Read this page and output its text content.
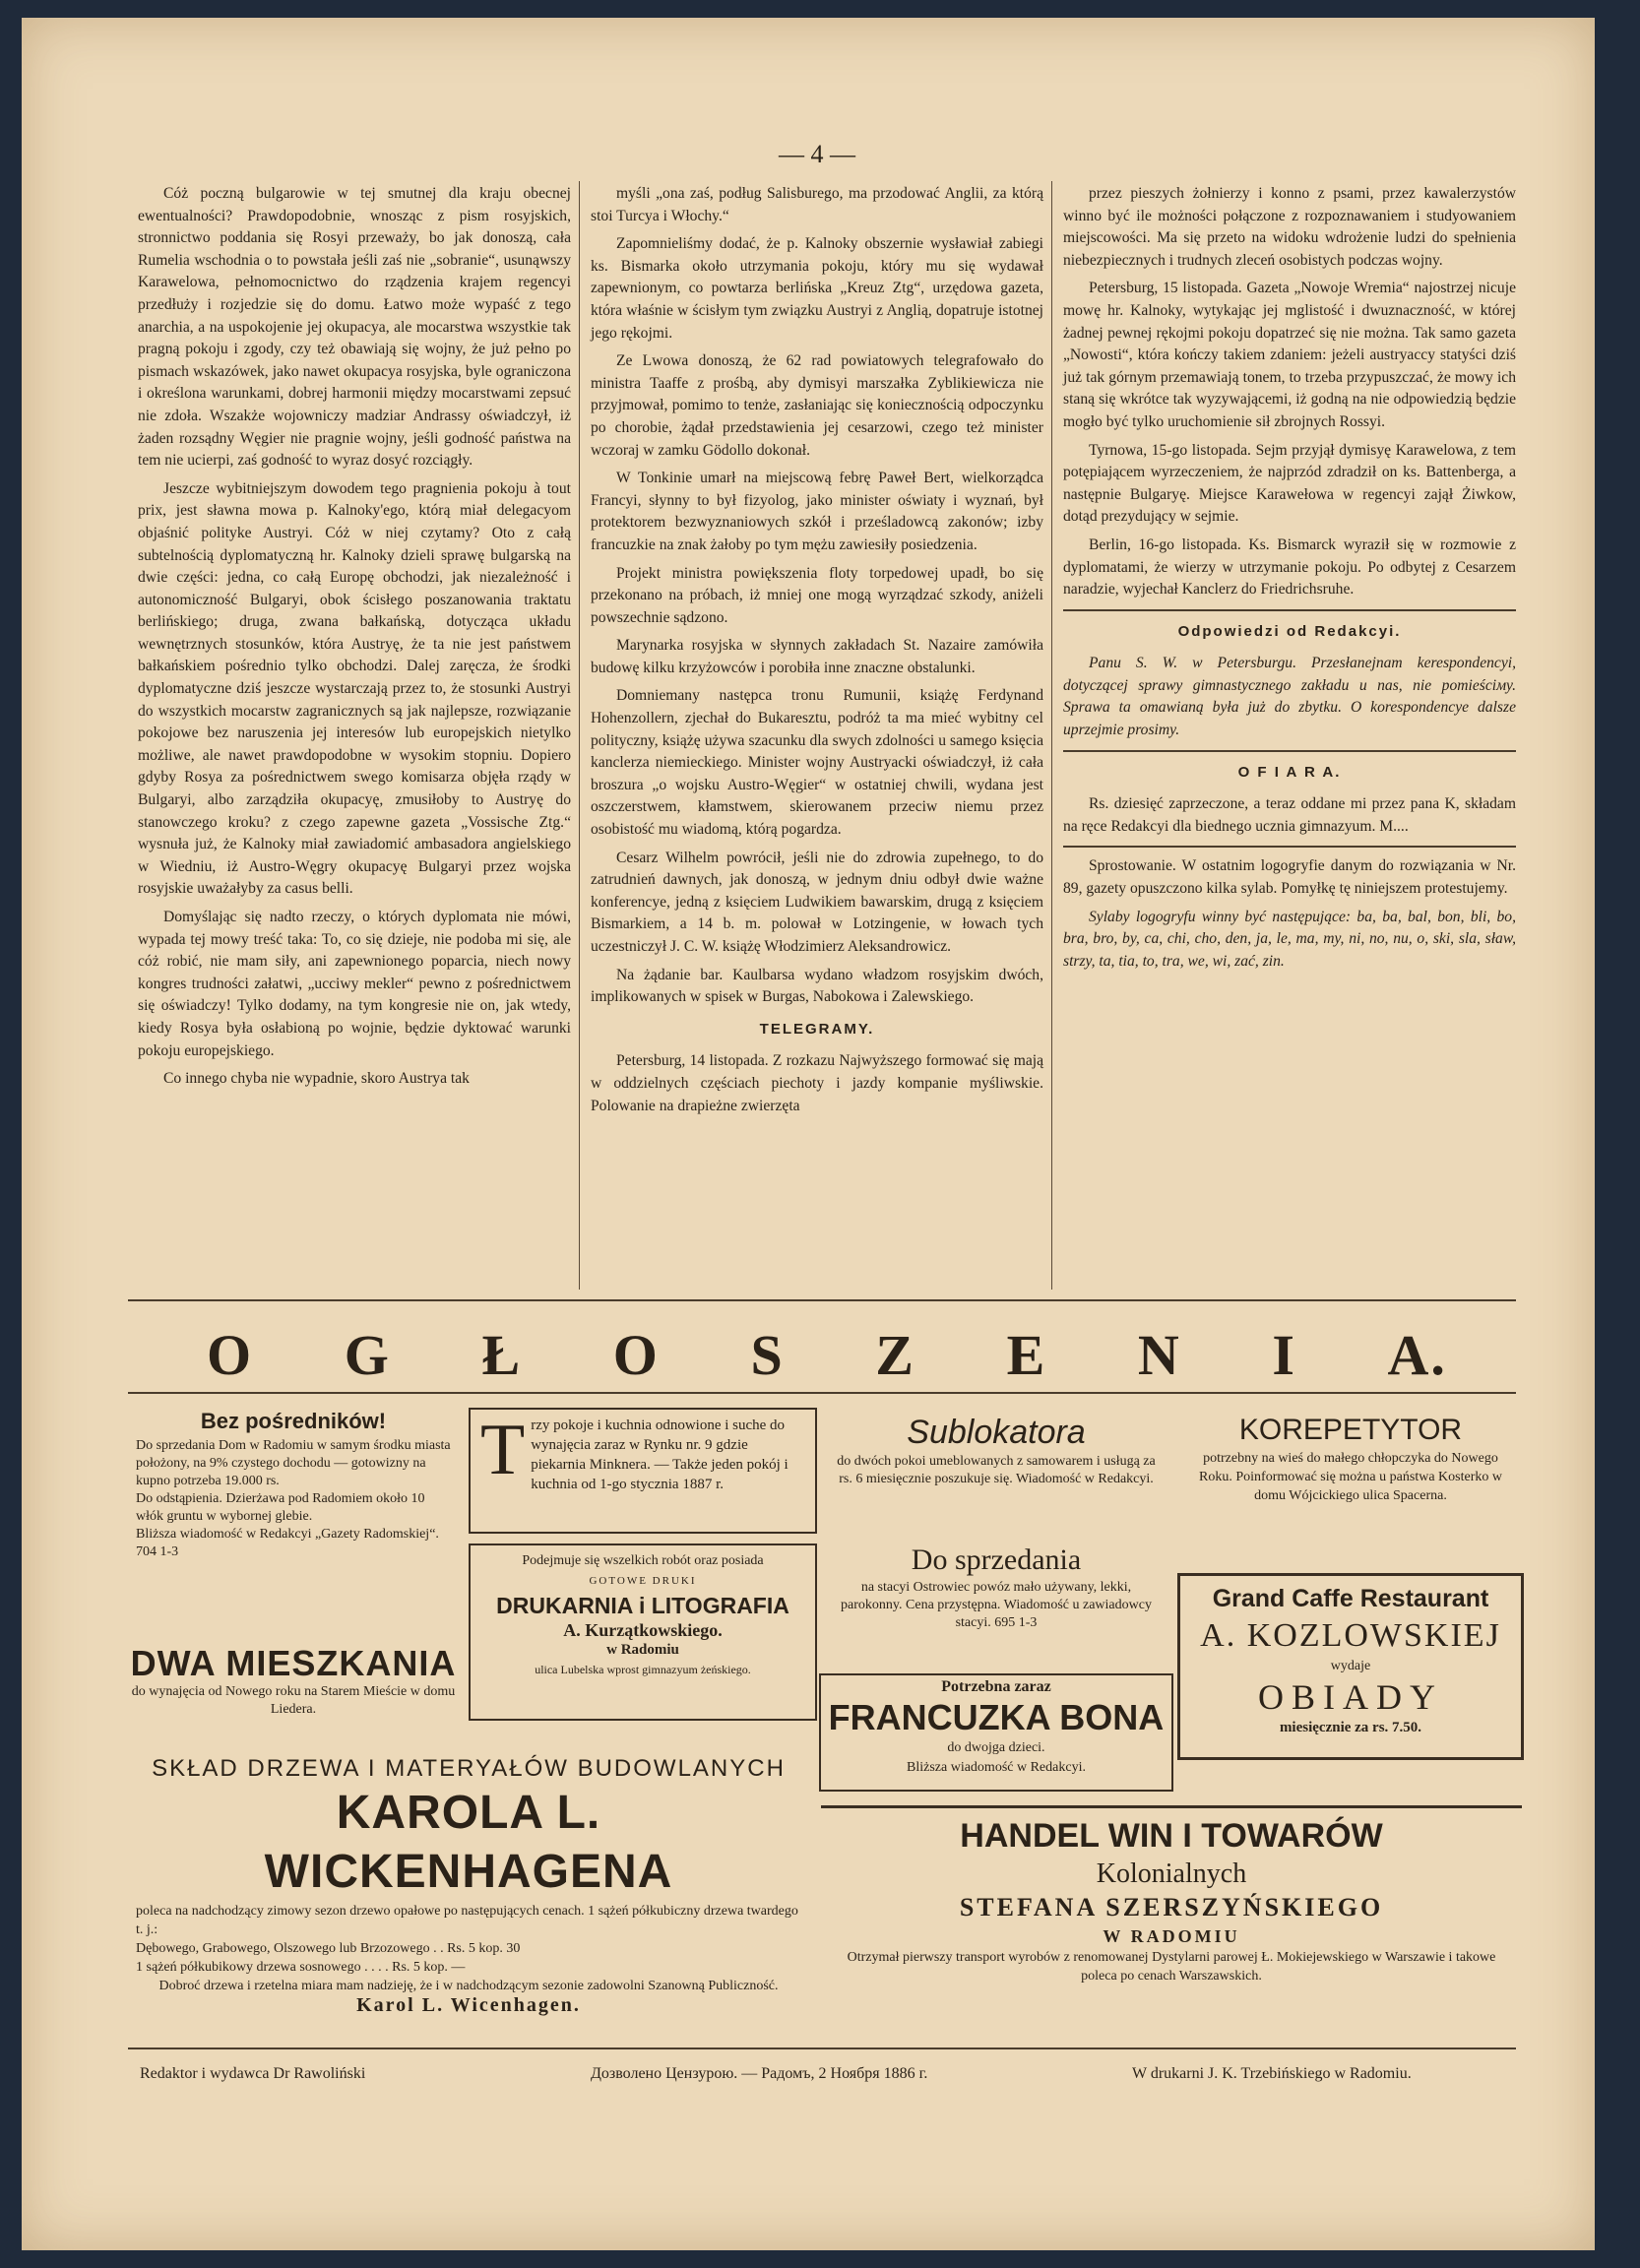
— 4 —

Cóż poczną bulgarowie w tej smutnej dla kraju obecnej ewentualności? Prawdopodobnie, wnosząc z pism rosyjskich, stronnictwo poddania się Rosyi przeważy, bo jak donoszą, cała Rumelia wschodnia o to powstała jeśli zaś nie „sobranie“, usunąwszy Karawelowa, pełnomocnictwo do rządzenia krajem regencyi przedłuży i rozjedzie się do domu. Łatwo może wypaść z tego anarchia, a na uspokojenie jej okupacya, ale mocarstwa wszystkie tak pragną pokoju i zgody, czy też obawiają się wojny, że już pełno po pismach wskazówek, jako nawet okupacya rosyjska, byle ograniczona i określona warunkami, dobrej harmonii między mocarstwami zepsuć nie zdoła. Wszakże wojowniczy madziar Andrassy oświadczył, iż żaden rozsądny Węgier nie pragnie wojny, jeśli godność państwa na tem nie ucierpi, zaś godność to wyraz dosyć rozciągły.

Jeszcze wybitniejszym dowodem tego pragnienia pokoju à tout prix, jest sławna mowa p. Kalnoky'ego, którą miał delegacyom objaśnić polityke Austryi. Cóż w niej czytamy? Oto z całą subtelnością dyplomatyczną hr. Kalnoky dzieli sprawę bulgarską na dwie części: jedna, co całą Europę obchodzi, jak niezależność i autonomiczność Bulgaryi, obok ścisłego poszanowania traktatu berlińskiego; druga, zwana bałkańską, dotycząca układu wewnętrznych stosunków, która Austryę, że ta nie jest państwem bałkańskiem pośrednio tylko obchodzi. Dalej zaręcza, że środki dyplomatyczne dziś jeszcze wystarczają przez to, że stosunki Austryi do wszystkich mocarstw zagranicznych są jak najlepsze, rozwiązanie pokojowe bez naruszenia jej interesów lub europejskich nietylko możliwe, ale nawet prawdopodobne w wysokim stopniu. Dopiero gdyby Rosya za pośrednictwem swego komisarza objęła rządy w Bulgaryi, albo zarządziła okupacyę, zmusiłoby to Austryę do stanowczego kroku? z czego zapewne gazeta „Vossische Ztg.“ wysnuła już, że Kalnoky miał zawiadomić ambasadora angielskiego w Wiedniu, iż Austro-Węgry okupacyę Bulgaryi przez wojska rosyjskie uważałyby za casus belli.

Domyślając się nadto rzeczy, o których dyplomata nie mówi, wypada tej mowy treść taka: To, co się dzieje, nie podoba mi się, ale cóż robić, nie mam siły, ani zapewnionego poparcia, niech nowy kongres trudności załatwi, „ucciwy mekler“ pewno z pośrednictwem się oświadczy! Tylko dodamy, na tym kongresie nie on, jak wtedy, kiedy Rosya była osłabioną po wojnie, będzie dyktować warunki pokoju europejskiego.

Co innego chyba nie wypadnie, skoro Austrya tak

myśli „ona zaś, podług Salisburego, ma przodować Anglii, za którą stoi Turcya i Włochy.“

Zapomnieliśmy dodać, że p. Kalnoky obszernie wysławiał zabiegi ks. Bismarka około utrzymania pokoju, który mu się wydawał zapewnionym, co powtarza berlińska „Kreuz Ztg“, urzędowa gazeta, która właśnie w ścisłym tym związku Austryi z Anglią, dopatruje istotnej jego rękojmi.

Ze Lwowa donoszą, że 62 rad powiatowych telegrafowało do ministra Taaffe z prośbą, aby dymisyi marszałka Zyblikiewicza nie przyjmował, pomimo to tenże, zasłaniając się koniecznością odpoczynku po chorobie, żądał przedstawienia jej cesarzowi, czego też minister wczoraj w zamku Gödollo dokonał.

W Tonkinie umarł na miejscową febrę Paweł Bert, wielkorządca Francyi, słynny to był fizyolog, jako minister oświaty i wyznań, był protektorem bezwyznaniowych szkół i prześladowcą zakonów; izby francuzkie na znak żałoby po tym mężu zawiesiły posiedzenia.

Projekt ministra powiększenia floty torpedowej upadł, bo się przekonano na próbach, iż mniej one mogą wyrządzać szkody, aniżeli powszechnie sądzono.

Marynarka rosyjska w słynnych zakładach St. Nazaire zamówiła budowę kilku krzyżowców i porobiła inne znaczne obstalunki.

Domniemany następca tronu Rumunii, książę Ferdynand Hohenzollern, zjechał do Bukaresztu, podróż ta ma mieć wybitny cel polityczny, książę używa szacunku dla swych zdolności u samego księcia kanclerza niemieckiego. Minister wojny Austryacki oświadczył, iż cała broszura „o wojsku Austro-Węgier“ w ostatniej chwili, wydana jest oszczerstwem, kłamstwem, skierowanem przeciw niemu przez osobistość mu wiadomą, którą pogardza.

Cesarz Wilhelm powrócił, jeśli nie do zdrowia zupełnego, to do zatrudnień dawnych, jak donoszą, w jednym dniu odbył dwie ważne konferencye, jedną z księciem Ludwikiem bawarskim, drugą z księciem Bismarkiem, a 14 b. m. polował w Lotzingenie, w łowach tych uczestniczył J. C. W. książę Włodzimierz Aleksandrowicz.

Na żądanie bar. Kaulbarsa wydano władzom rosyjskim dwóch, implikowanych w spisek w Burgas, Nabokowa i Zalewskiego.

TELEGRAMY.

Petersburg, 14 listopada. Z rozkazu Najwyższego formować się mają w oddzielnych częściach piechoty i jazdy kompanie myśliwskie. Polowanie na drapieżne zwierzęta

przez pieszych żołnierzy i konno z psami, przez kawalerzystów winno być ile możności połączone z rozpoznawaniem i studyowaniem miejscowości. Ma się przeto na widoku wdrożenie ludzi do spełnienia niebezpiecznych i trudnych zleceń osobistych podczas wojny.

Petersburg, 15 listopada. Gazeta „Nowoje Wremia“ najostrzej nicuje mowę hr. Kalnoky, wytykając jej mglistość i dwuznaczność, w której żadnej pewnej rękojmi pokoju dopatrzeć się nie można. Tak samo gazeta „Nowosti“, która kończy takiem zdaniem: jeżeli austryaccy statyści dziś już tak górnym przemawiają tonem, to trzeba przypuszczać, że mowy ich staną się wkrótce tak wyzywającemi, iż godną na nie odpowiedzią będzie mogło być tylko uruchomienie sił zbrojnych Rossyi.

Tyrnowa, 15-go listopada. Sejm przyjął dymisyę Karawelowa, z tem potępiającem wyrzeczeniem, że najprzód zdradził on ks. Battenberga, a następnie Bulgaryę. Miejsce Karawełowa w regencyi zajął Żiwkow, dotąd prezydujący w sejmie.

Berlin, 16-go listopada. Ks. Bismarck wyraził się w rozmowie z dyplomatami, że wierzy w utrzymanie pokoju. Po odbytej z Cesarzem naradzie, wyjechał Kanclerz do Friedrichsruhe.

Odpowiedzi od Redakcyi.

Panu S. W. w Petersburgu. Przesłanejnam kerespondencyi, dotyczącej sprawy gimnastycznego zakładu u nas, nie pomieściмy. Sprawa ta omawianą była już do zbytku. O korespondencye dalsze uprzejmie prosimy.

O F I A R A.

Rs. dziesięć zaprzeczone, a teraz oddane mi przez pana K, składam na ręce Redakcyi dla biednego ucznia gimnazyum. M....

Sprostowanie. W ostatnim logogryfie danym do rozwiązania w Nr. 89, gazety opuszczono kilka sylab. Pomyłkę tę niniejszem protestujemy.

Sylaby logogryfu winny być następujące: ba, ba, bal, bon, bli, bo, bra, bro, by, ca, chi, cho, den, ja, le, ma, my, ni, no, nu, o, ski, sla, sław, strzy, ta, tia, to, tra, we, wi, zać, zin.

O G Ł O S Z E N I A.
Bez pośredników!
Do sprzedania Dom w Radomiu w samym środku miasta położony, na 9% czystego dochodu — gotowizny na kupno potrzeba 19.000 rs.
Do odstąpienia. Dzierżawa pod Radomiem około 10 włók gruntu w wybornej glebie.
Bliższa wiadomość w Redakcyi „Gazety Radomskiej“. 704 1-3
T rzy pokoje i kuchnia odnowione i suche do wynajęcia zaraz w Rynku nr. 9 gdzie piekarnia Minknera. — Także jeden pokój i kuchnia od 1-go stycznia 1887 r.
Podejmuje się wszelkich robót oraz posiada
GOTOWE DRUKI
DRUKARNIA i LITOGRAFIA
A. Kurzątkowskiego.
w Radomiu
ulica Lubelska wprost gimnazyum żeńskiego.
DWA MIESZKANIA
do wynajęcia od Nowego roku na Starem Mieście w domu Liedera.
Sublokatora
do dwóch pokoi umeblowanych z samowarem i usługą za rs. 6 miesięcznie poszukuje się. Wiadomość w Redakcyi.
Do sprzedania
na stacyi Ostrowiec powóz mało używany, lekki, parokonny. Cena przystępna. Wiadomość u zawiadowcy stacyi. 695 1-3
Potrzebna zaraz
FRANCUZKA BONA
do dwojga dzieci.
Bliższa wiadomość w Redakcyi.
KOREPETYTOR
potrzebny na wieś do małego chłopczyka do Nowego Roku. Poinformować się można u państwa Kosterko w domu Wójcickiego ulica Spacerna.
Grand Caffe Restaurant
A. KOZLOWSKIEJ
wydaje
OBIADY
miesięcznie za rs. 7.50.
SKŁAD DRZEWA I MATERYAŁÓW BUDOWLANYCH
KAROLA L. WICKENHAGENA
poleca na nadchodzący zimowy sezon drzewo opałowe po następujących cenach. 1 sążeń półkubiczny drzewa twardego t. j.:
Dębowego, Grabowego, Olszowego lub Brzozowego . . Rs. 5 kop. 30
1 sążeń półkubikowy drzewa sosnowego . . . . Rs. 5 kop. —
Dobroć drzewa i rzetelna miara mam nadzieję, że i w nadchodzącym sezonie zadowolni Szanowną Publiczność.
Karol L. Wicenhagen.
HANDEL WIN I TOWARÓW
Kolonialnych
STEFANA SZERSZYŃSKIEGO
W RADOMIU
Otrzymał pierwszy transport wyrobów z renomowanej Dystylarni parowej Ł. Mokiejewskiego w Warszawie i takowe poleca po cenach Warszawskich.
Redaktor i wydawca Dr Rawoliński	Дозволено Цензурою. — Радомъ, 2 Ноября 1886 г.	W drukarni J. K. Trzebińskiego w Radomiu.
